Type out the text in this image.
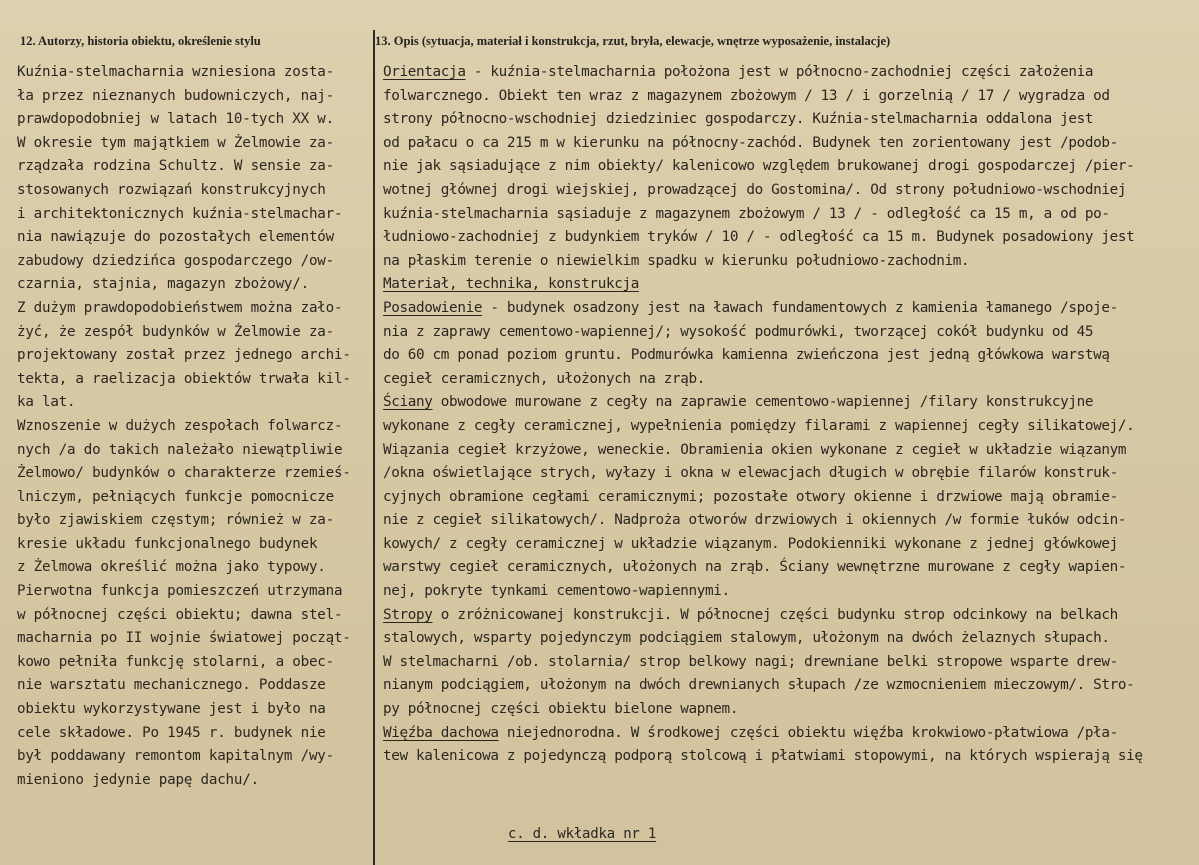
12. Autorzy, historia obiektu, określenie stylu
Kuźnia-stelmacharnia wzniesiona zosta-
ła przez nieznanych budowniczych, naj-
prawdopodobniej w latach 10-tych XX w.
W okresie tym majątkiem w Żelmowie za-
rządzała rodzina Schultz. W sensie za-
stosowanych rozwiązań konstrukcyjnych
i architektonicznych kuźnia-stelmachar-
nia nawiązuje do pozostałych elementów
zabudowy dziedzińca gospodarczego /ow-
czarnia, stajnia, magazyn zbożowy/.
Z dużym prawdopodobieństwem można zało-
żyć, że zespół budynków w Żelmowie za-
projektowany został przez jednego archi-
tekta, a raelizacja obiektów trwała kil-
ka lat.
Wznoszenie w dużych zespołach folwarcz-
nych /a do takich należało niewątpliwie
Żelmowo/ budynków o charakterze rzemieś-
lniczym, pełniących funkcje pomocnicze
było zjawiskiem częstym; również w za-
kresie układu funkcjonalnego budynek
z Żelmowa określić można jako typowy.
Pierwotna funkcja pomieszczeń utrzymana
w północnej części obiektu; dawna stel-
macharnia po II wojnie światowej począt-
kowo pełniła funkcję stolarni, a obec-
nie warsztatu mechanicznego. Poddasze
obiektu wykorzystywane jest i było na
cele składowe. Po 1945 r. budynek nie
był poddawany remontom kapitalnym /wy-
mieniono jedynie papę dachu/.
13. Opis (sytuacja, materiał i konstrukcja, rzut, bryła, elewacje, wnętrze wyposażenie, instalacje)
Orientacja - kuźnia-stelmacharnia położona jest w północno-zachodniej części założenia
folwarcznego. Obiekt ten wraz z magazynem zbożowym / 13 / i gorzelnią / 17 / wygradza od
strony północno-wschodniej dziedziniec gospodarczy. Kuźnia-stelmacharnia oddalona jest
od pałacu o ca 215 m w kierunku na północny-zachód. Budynek ten zorientowany jest /podob-
nie jak sąsiadujące z nim obiekty/ kalenicowo względem brukowanej drogi gospodarczej /pier-
wotnej głównej drogi wiejskiej, prowadzącej do Gostomina/. Od strony południowo-wschodniej
kuźnia-stelmacharnia sąsiaduje z magazynem zbożowym / 13 / - odległość ca 15 m, a od po-
łudniowo-zachodniej z budynkiem tryków / 10 / - odległość ca 15 m. Budynek posadowiony jest
na płaskim terenie o niewielkim spadku w kierunku południowo-zachodnim.
Materiał, technika, konstrukcja
Posadowienie - budynek osadzony jest na ławach fundamentowych z kamienia łamanego /spoje-
nia z zaprawy cementowo-wapiennej/; wysokość podmurówki, tworzącej cokół budynku od 45
do 60 cm ponad poziom gruntu. Podmurówka kamienna zwieńczona jest jedną główkowa warstwą
cegieł ceramicznych, ułożonych na zrąb.
Ściany obwodowe murowane z cegły na zaprawie cementowo-wapiennej /filary konstrukcyjne
wykonane z cegły ceramicznej, wypełnienia pomiędzy filarami z wapiennej cegły silikatowej/.
Wiązania cegieł krzyżowe, weneckie. Obramienia okien wykonane z cegieł w układzie wiązanym
/okna oświetlające strych, wyłazy i okna w elewacjach długich w obrębie filarów konstruk-
cyjnych obramione cegłami ceramicznymi; pozostałe otwory okienne i drzwiowe mają obramie-
nie z cegieł silikatowych/. Nadproża otworów drzwiowych i okiennych /w formie łuków odcin-
kowych/ z cegły ceramicznej w układzie wiązanym. Podokienniki wykonane z jednej główkowej
warstwy cegieł ceramicznych, ułożonych na zrąb. Ściany wewnętrzne murowane z cegły wapien-
nej, pokryte tynkami cementowo-wapiennymi.
Stropy o zróżnicowanej konstrukcji. W północnej części budynku strop odcinkowy na belkach
stalowych, wsparty pojedynczym podciągiem stalowym, ułożonym na dwóch żelaznych słupach.
W stelmacharni /ob. stolarnia/ strop belkowy nagi; drewniane belki stropowe wsparte drew-
nianym podciągiem, ułożonym na dwóch drewnianych słupach /ze wzmocnieniem mieczowym/. Stro-
py północnej części obiektu bielone wapnem.
Więźba dachowa niejednorodna. W środkowej części obiektu więźba krokwiowo-płatwiowa /pła-
tew kalenicowa z pojedynczą podporą stolcową i płatwiami stopowymi, na których wspierają się
c. d. wkładka nr 1
